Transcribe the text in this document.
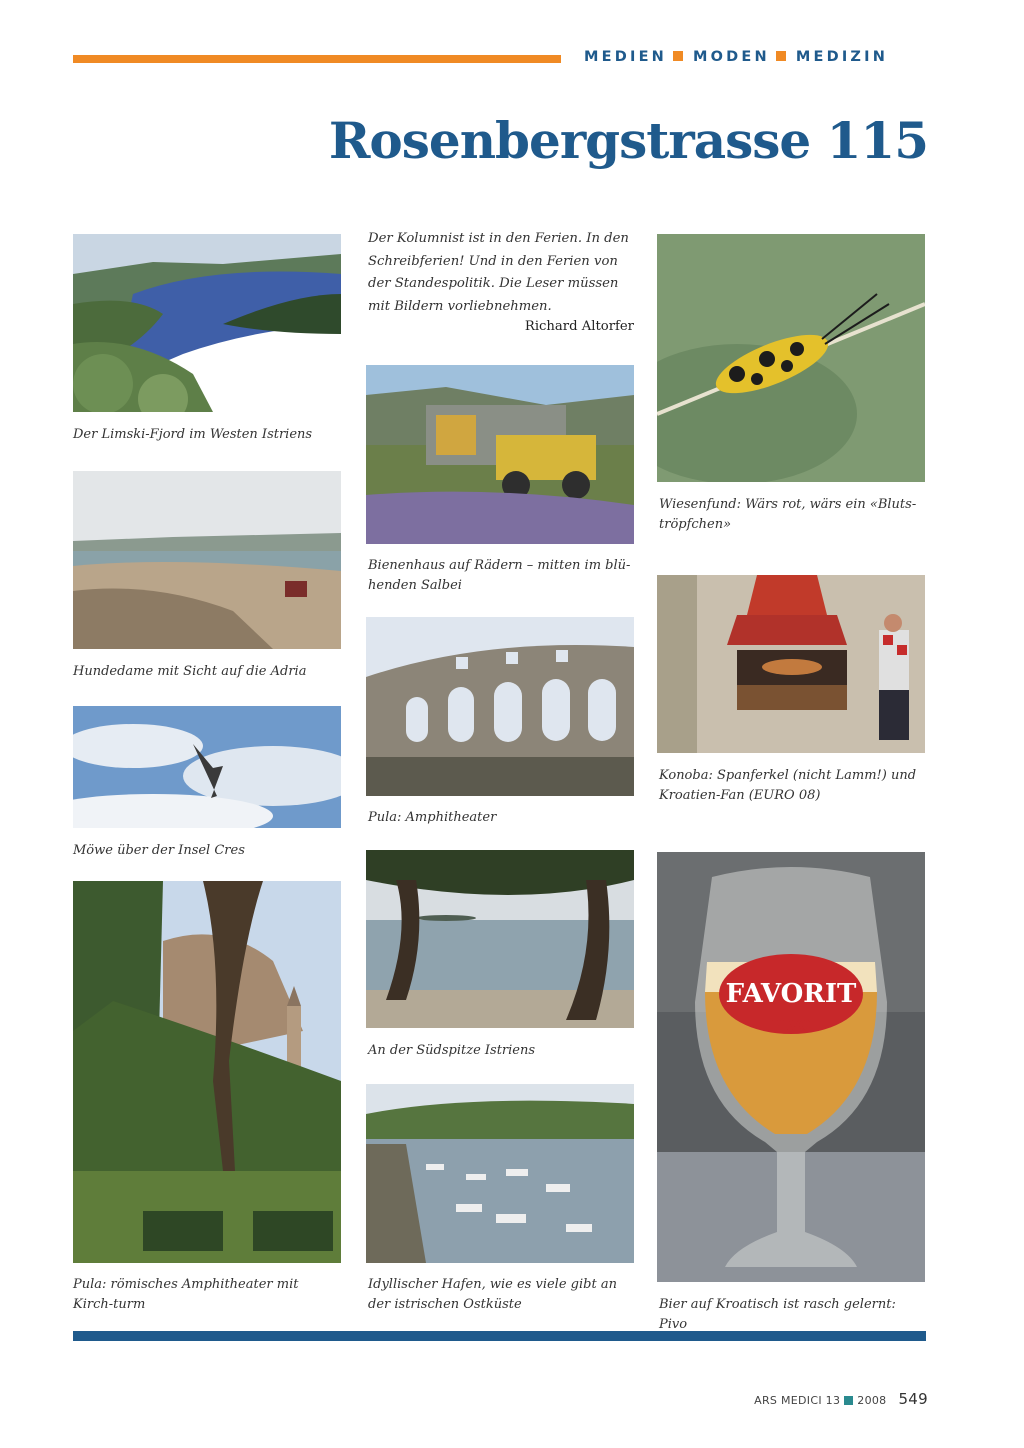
MEDIEN MODEN MEDIZIN
Rosenbergstrasse 115
Der Kolumnist ist in den Ferien. In den Schreibferien! Und in den Ferien von der Standespolitik. Die Leser müssen mit Bildern vorliebnehmen.
Richard Altorfer
Der Limski-Fjord im Westen Istriens
Hundedame mit Sicht auf die Adria
Möwe über der Insel Cres
Pula: römisches Amphitheater mit Kirch-turm
Bienenhaus auf Rädern – mitten im blü-henden Salbei
Pula: Amphitheater
An der Südspitze Istriens
Idyllischer Hafen, wie es viele gibt an der istrischen Ostküste
Wiesenfund: Wärs rot, wärs ein «Bluts-tröpfchen»
Konoba: Spanferkel (nicht Lamm!) und Kroatien-Fan (EURO 08)
FAVORIT
PIVO
Bier auf Kroatisch ist rasch gelernt: Pivo
ARS MEDICI 13 2008 549
